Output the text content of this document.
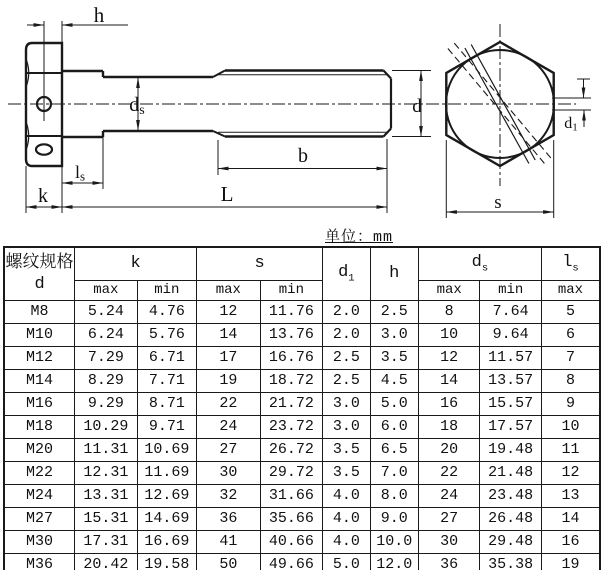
h
ds	d
b
ls
k	L
d1
s
单位：mm
螺纹规格
d	k		s		$d_1$	h	$d_s$		$l_s$
	max	min	max	min			max	min	max
M8	5.24	4.76	12	11.76	2.0	2.5	8	7.64	5
M10	6.24	5.76	14	13.76	2.0	3.0	10	9.64	6
M12	7.29	6.71	17	16.76	2.5	3.5	12	11.57	7
M14	8.29	7.71	19	18.72	2.5	4.5	14	13.57	8
M16	9.29	8.71	22	21.72	3.0	5.0	16	15.57	9
M18	10.29	9.71	24	23.72	3.0	6.0	18	17.57	10
M20	11.31	10.69	27	26.72	3.5	6.5	20	19.48	11
M22	12.31	11.69	30	29.72	3.5	7.0	22	21.48	12
M24	13.31	12.69	32	31.66	4.0	8.0	24	23.48	13
M27	15.31	14.69	36	35.66	4.0	9.0	27	26.48	14
M30	17.31	16.69	41	40.66	4.0	10.0	30	29.48	16
M36	20.42	19.58	50	49.66	5.0	12.0	36	35.38	19
